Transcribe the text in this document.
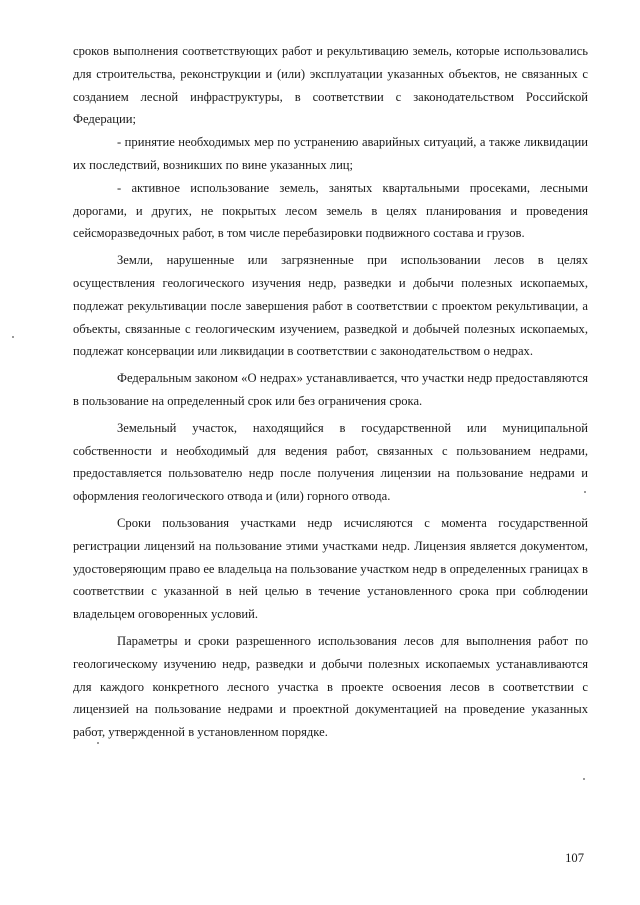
сроков выполнения соответствующих работ и рекультивацию земель, которые использовались для строительства, реконструкции и (или) эксплуатации указанных объектов, не связанных с созданием лесной инфраструктуры, в соответствии с законодательством Российской Федерации;

- принятие необходимых мер по устранению аварийных ситуаций, а также ликвидации их последствий, возникших по вине указанных лиц;

- активное использование земель, занятых квартальными просеками, лесными дорогами, и других, не покрытых лесом земель в целях планирования и проведения сейсморазведочных работ, в том числе перебазировки подвижного состава и грузов.

Земли, нарушенные или загрязненные при использовании лесов в целях осуществления геологического изучения недр, разведки и добычи полезных ископаемых, подлежат рекультивации после завершения работ в соответствии с проектом рекультивации, а объекты, связанные с геологическим изучением, разведкой и добычей полезных ископаемых, подлежат консервации или ликвидации в соответствии с законодательством о недрах.

Федеральным законом «О недрах» устанавливается, что участки недр предоставляются в пользование на определенный срок или без ограничения срока.

Земельный участок, находящийся в государственной или муниципальной собственности и необходимый для ведения работ, связанных с пользованием недрами, предоставляется пользователю недр после получения лицензии на пользование недрами и оформления геологического отвода и (или) горного отвода.

Сроки пользования участками недр исчисляются с момента государственной регистрации лицензий на пользование этими участками недр. Лицензия является документом, удостоверяющим право ее владельца на пользование участком недр в определенных границах в соответствии с указанной в ней целью в течение установленного срока при соблюдении владельцем оговоренных условий.

Параметры и сроки разрешенного использования лесов для выполнения работ по геологическому изучению недр, разведки и добычи полезных ископаемых устанавливаются для каждого конкретного лесного участка в проекте освоения лесов в соответствии с лицензией на пользование недрами и проектной документацией на проведение указанных работ, утвержденной в установленном порядке.

107
